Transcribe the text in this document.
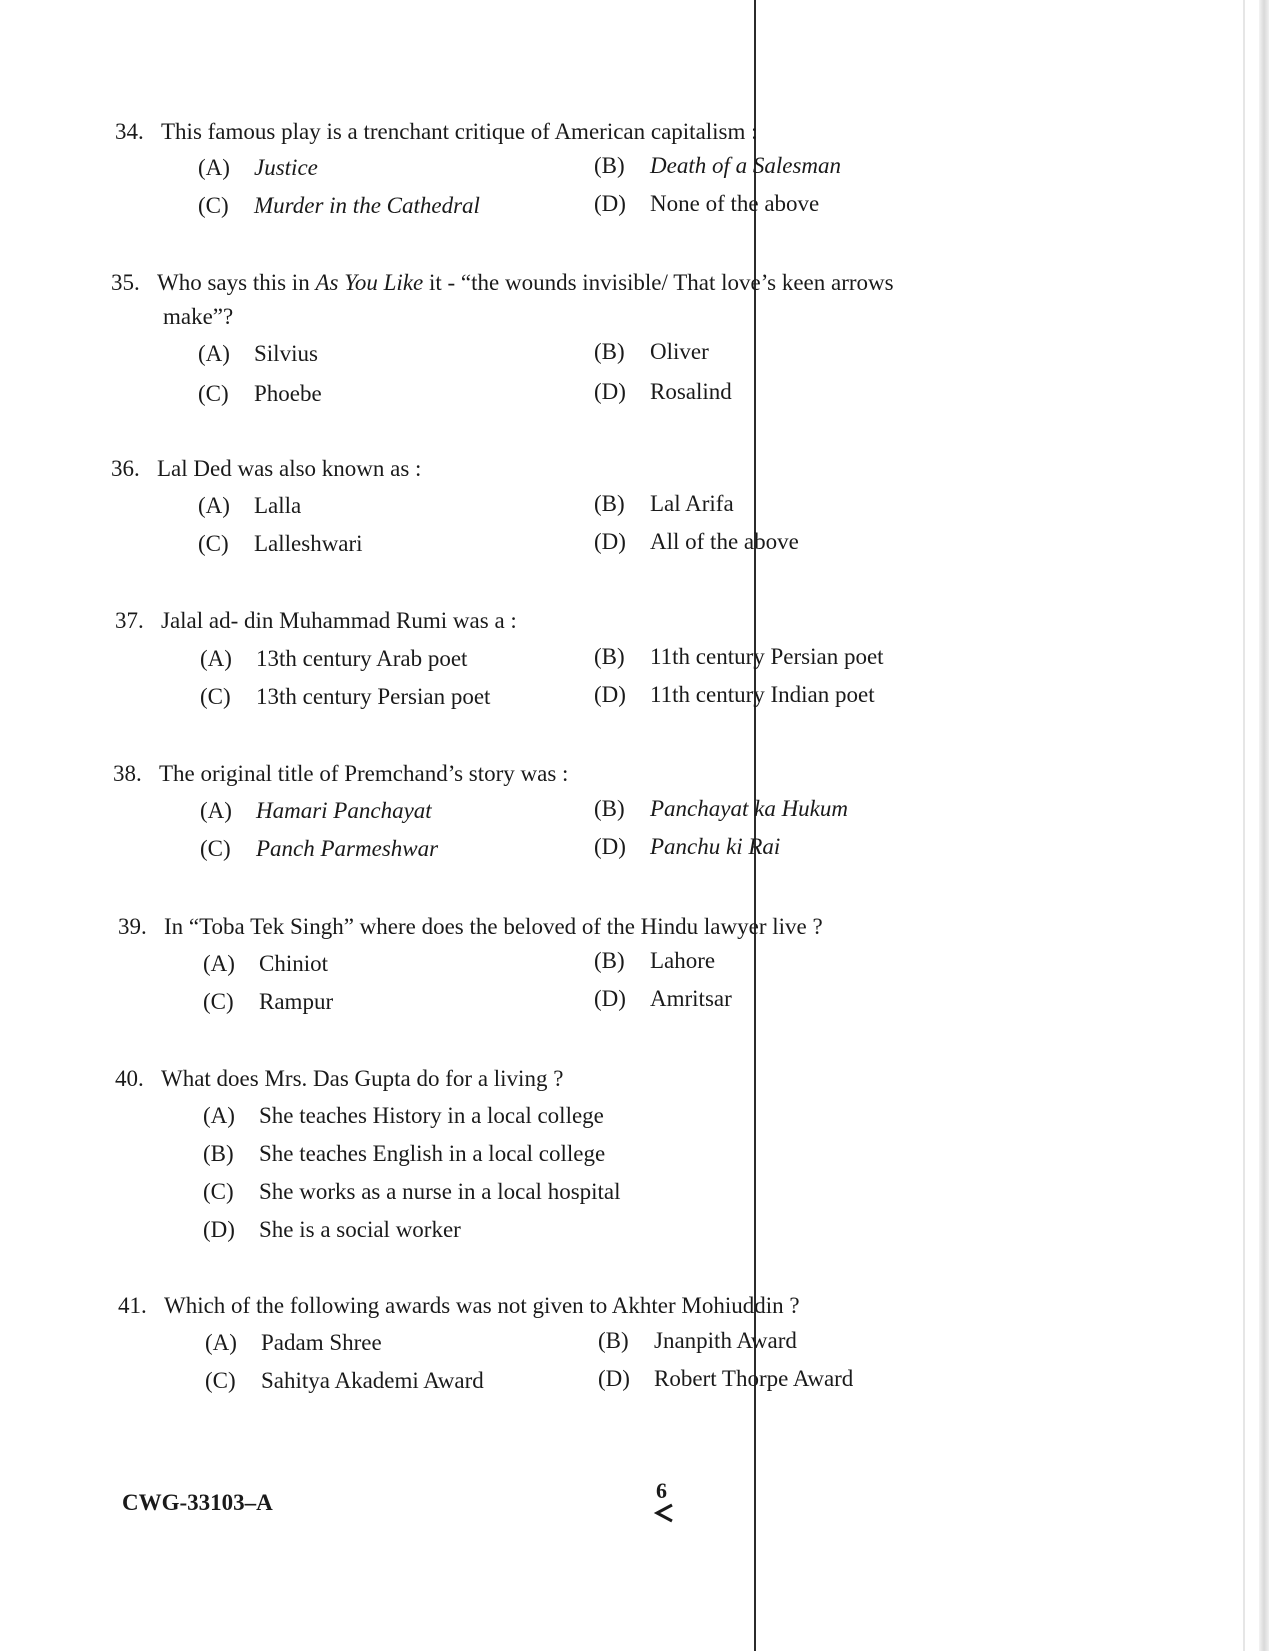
34. This famous play is a trenchant critique of American capitalism :
(A) Justice	(B) Death of a Salesman
(C) Murder in the Cathedral	(D) None of the above
35. Who says this in As You Like it - “the wounds invisible/ That love’s keen arrows
make”?
(A) Silvius	(B) Oliver
(C) Phoebe	(D) Rosalind
36. Lal Ded was also known as :
(A) Lalla	(B) Lal Arifa
(C) Lalleshwari	(D) All of the above
37. Jalal ad- din Muhammad Rumi was a :
(A) 13th century Arab poet	(B) 11th century Persian poet
(C) 13th century Persian poet	(D) 11th century Indian poet
38. The original title of Premchand’s story was :
(A) Hamari Panchayat	(B) Panchayat ka Hukum
(C) Panch Parmeshwar	(D) Panchu ki Rai
39. In “Toba Tek Singh” where does the beloved of the Hindu lawyer live ?
(A) Chiniot	(B) Lahore
(C) Rampur	(D) Amritsar
40. What does Mrs. Das Gupta do for a living ?
(A) She teaches History in a local college
(B) She teaches English in a local college
(C) She works as a nurse in a local hospital
(D) She is a social worker
41. Which of the following awards was not given to Akhter Mohiuddin ?
(A) Padam Shree	(B) Jnanpith Award
(C) Sahitya Akademi Award	(D) Robert Thorpe Award
CWG-33103–A	6
